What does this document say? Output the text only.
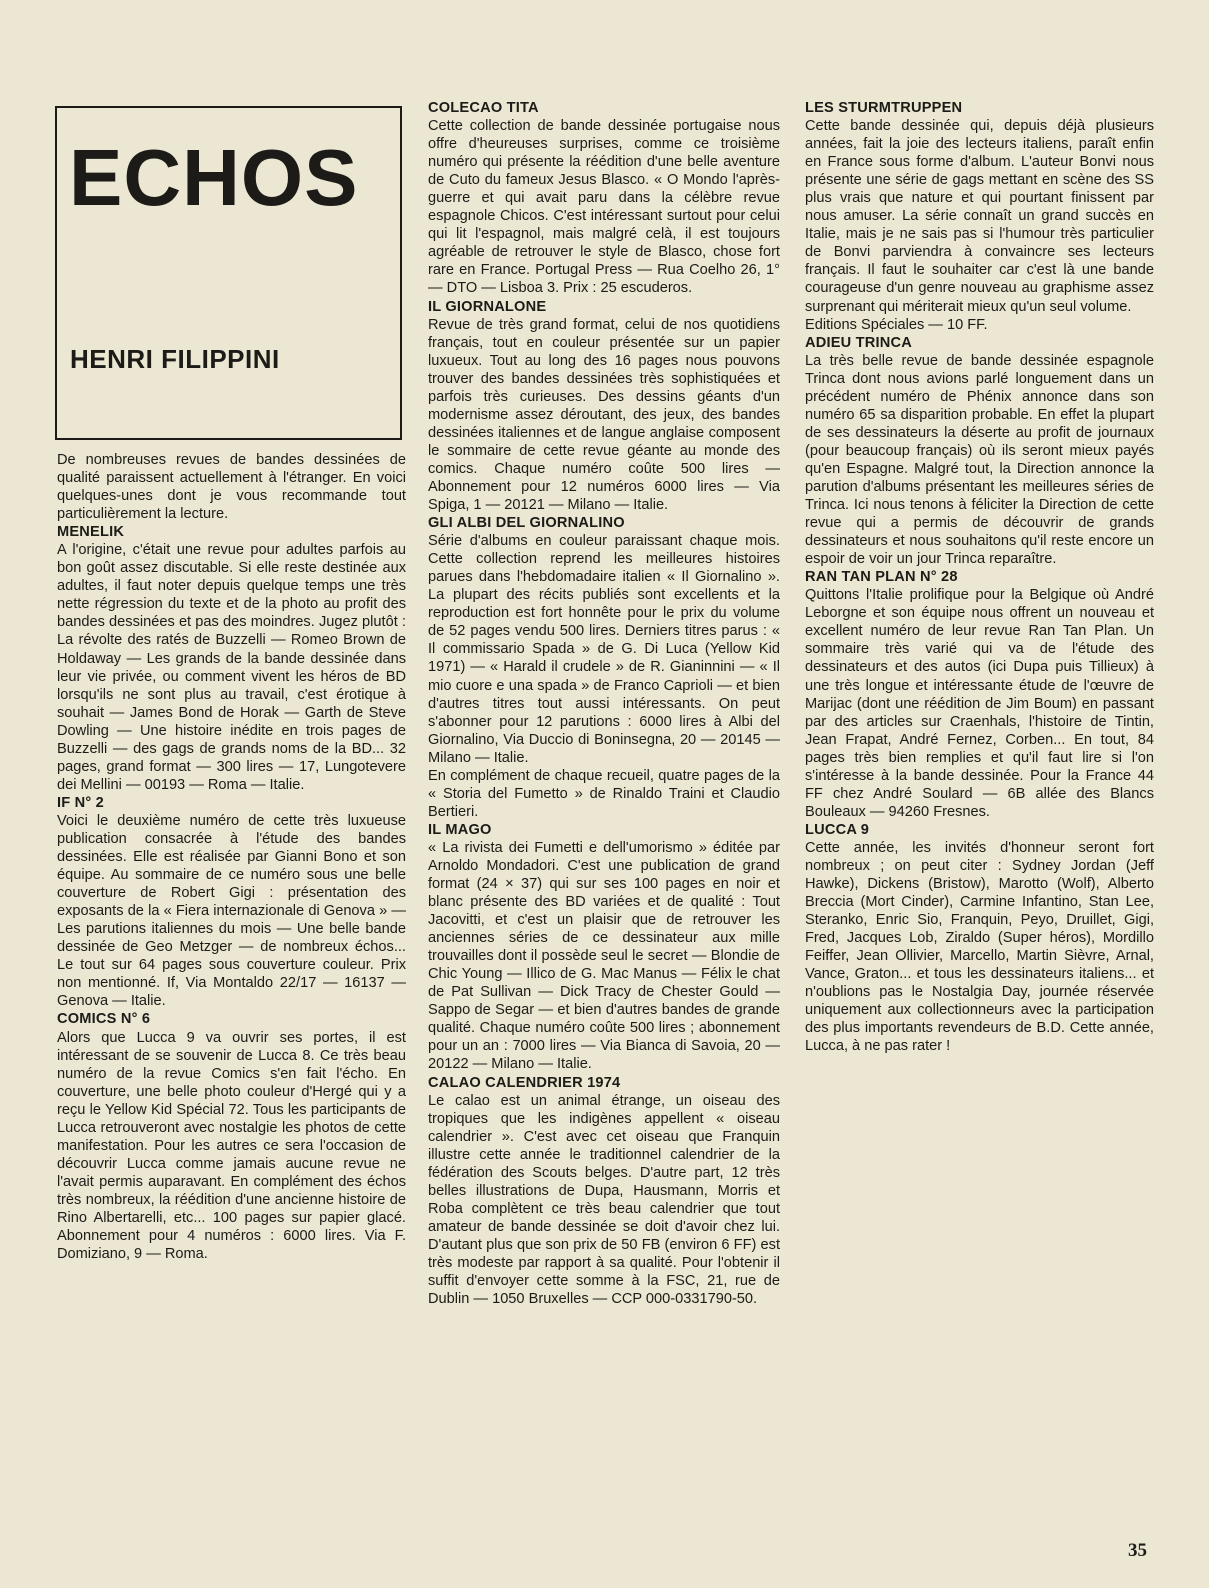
ECHOS
HENRI FILIPPINI

De nombreuses revues de bandes dessinées de qualité paraissent actuellement à l'étranger. En voici quelques-unes dont je vous recommande tout particulièrement la lecture.

MENELIK

A l'origine, c'était une revue pour adultes parfois au bon goût assez discutable. Si elle reste destinée aux adultes, il faut noter depuis quelque temps une très nette régression du texte et de la photo au profit des bandes dessinées et pas des moindres. Jugez plutôt : La révolte des ratés de Buzzelli — Romeo Brown de Holdaway — Les grands de la bande dessinée dans leur vie privée, ou comment vivent les héros de BD lorsqu'ils ne sont plus au travail, c'est érotique à souhait — James Bond de Horak — Garth de Steve Dowling — Une histoire inédite en trois pages de Buzzelli — des gags de grands noms de la BD... 32 pages, grand format — 300 lires — 17, Lungotevere dei Mellini — 00193 — Roma — Italie.

IF N° 2

Voici le deuxième numéro de cette très luxueuse publication consacrée à l'étude des bandes dessinées. Elle est réalisée par Gianni Bono et son équipe. Au sommaire de ce numéro sous une belle couverture de Robert Gigi : présentation des exposants de la « Fiera internazionale di Genova » — Les parutions italiennes du mois — Une belle bande dessinée de Geo Metzger — de nombreux échos... Le tout sur 64 pages sous couverture couleur. Prix non mentionné. If, Via Montaldo 22/17 — 16137 — Genova — Italie.

COMICS N° 6

Alors que Lucca 9 va ouvrir ses portes, il est intéressant de se souvenir de Lucca 8. Ce très beau numéro de la revue Comics s'en fait l'écho. En couverture, une belle photo couleur d'Hergé qui y a reçu le Yellow Kid Spécial 72. Tous les participants de Lucca retrouveront avec nostalgie les photos de cette manifestation. Pour les autres ce sera l'occasion de découvrir Lucca comme jamais aucune revue ne l'avait permis auparavant. En complément des échos très nombreux, la réédition d'une ancienne histoire de Rino Albertarelli, etc... 100 pages sur papier glacé. Abonnement pour 4 numéros : 6000 lires. Via F. Domiziano, 9 — Roma.

COLECAO TITA

Cette collection de bande dessinée portugaise nous offre d'heureuses surprises, comme ce troisième numéro qui présente la réédition d'une belle aventure de Cuto du fameux Jesus Blasco. « O Mondo l'après-guerre et qui avait paru dans la célèbre revue espagnole Chicos. C'est intéressant surtout pour celui qui lit l'espagnol, mais malgré celà, il est toujours agréable de retrouver le style de Blasco, chose fort rare en France. Portugal Press — Rua Coelho 26, 1° — DTO — Lisboa 3. Prix : 25 escuderos.

IL GIORNALONE

Revue de très grand format, celui de nos quotidiens français, tout en couleur présentée sur un papier luxueux. Tout au long des 16 pages nous pouvons trouver des bandes dessinées très sophistiquées et parfois très curieuses. Des dessins géants d'un modernisme assez déroutant, des jeux, des bandes dessinées italiennes et de langue anglaise composent le sommaire de cette revue géante au monde des comics. Chaque numéro coûte 500 lires — Abonnement pour 12 numéros 6000 lires — Via Spiga, 1 — 20121 — Milano — Italie.

GLI ALBI DEL GIORNALINO

Série d'albums en couleur paraissant chaque mois. Cette collection reprend les meilleures histoires parues dans l'hebdomadaire italien « Il Giornalino ». La plupart des récits publiés sont excellents et la reproduction est fort honnête pour le prix du volume de 52 pages vendu 500 lires. Derniers titres parus : « Il commissario Spada » de G. Di Luca (Yellow Kid 1971) — « Harald il crudele » de R. Gianinnini — « Il mio cuore e una spada » de Franco Caprioli — et bien d'autres titres tout aussi intéressants. On peut s'abonner pour 12 parutions : 6000 lires à Albi del Giornalino, Via Duccio di Boninsegna, 20 — 20145 — Milano — Italie.

En complément de chaque recueil, quatre pages de la « Storia del Fumetto » de Rinaldo Traini et Claudio Bertieri.

IL MAGO

« La rivista dei Fumetti e dell'umorismo » éditée par Arnoldo Mondadori. C'est une publication de grand format (24 × 37) qui sur ses 100 pages en noir et blanc présente des BD variées et de qualité : Tout Jacovitti, et c'est un plaisir que de retrouver les anciennes séries de ce dessinateur aux mille trouvailles dont il possède seul le secret — Blondie de Chic Young — Illico de G. Mac Manus — Félix le chat de Pat Sullivan — Dick Tracy de Chester Gould — Sappo de Segar — et bien d'autres bandes de grande qualité. Chaque numéro coûte 500 lires ; abonnement pour un an : 7000 lires — Via Bianca di Savoia, 20 — 20122 — Milano — Italie.

CALAO CALENDRIER 1974

Le calao est un animal étrange, un oiseau des tropiques que les indigènes appellent « oiseau calendrier ». C'est avec cet oiseau que Franquin illustre cette année le traditionnel calendrier de la fédération des Scouts belges. D'autre part, 12 très belles illustrations de Dupa, Hausmann, Morris et Roba complètent ce très beau calendrier que tout amateur de bande dessinée se doit d'avoir chez lui. D'autant plus que son prix de 50 FB (environ 6 FF) est très modeste par rapport à sa qualité. Pour l'obtenir il suffit d'envoyer cette somme à la FSC, 21, rue de Dublin — 1050 Bruxelles — CCP 000-0331790-50.

LES STURMTRUPPEN

Cette bande dessinée qui, depuis déjà plusieurs années, fait la joie des lecteurs italiens, paraît enfin en France sous forme d'album. L'auteur Bonvi nous présente une série de gags mettant en scène des SS plus vrais que nature et qui pourtant finissent par nous amuser. La série connaît un grand succès en Italie, mais je ne sais pas si l'humour très particulier de Bonvi parviendra à convaincre ses lecteurs français. Il faut le souhaiter car c'est là une bande courageuse d'un genre nouveau au graphisme assez surprenant qui mériterait mieux qu'un seul volume.

Editions Spéciales — 10 FF.

ADIEU TRINCA

La très belle revue de bande dessinée espagnole Trinca dont nous avions parlé longuement dans un précédent numéro de Phénix annonce dans son numéro 65 sa disparition probable. En effet la plupart de ses dessinateurs la déserte au profit de journaux (pour beaucoup français) où ils seront mieux payés qu'en Espagne. Malgré tout, la Direction annonce la parution d'albums présentant les meilleures séries de Trinca. Ici nous tenons à féliciter la Direction de cette revue qui a permis de découvrir de grands dessinateurs et nous souhaitons qu'il reste encore un espoir de voir un jour Trinca reparaître.

RAN TAN PLAN N° 28

Quittons l'Italie prolifique pour la Belgique où André Leborgne et son équipe nous offrent un nouveau et excellent numéro de leur revue Ran Tan Plan. Un sommaire très varié qui va de l'étude des dessinateurs et des autos (ici Dupa puis Tillieux) à une très longue et intéressante étude de l'œuvre de Marijac (dont une réédition de Jim Boum) en passant par des articles sur Craenhals, l'histoire de Tintin, Jean Frapat, André Fernez, Corben... En tout, 84 pages très bien remplies et qu'il faut lire si l'on s'intéresse à la bande dessinée. Pour la France 44 FF chez André Soulard — 6B allée des Blancs Bouleaux — 94260 Fresnes.

LUCCA 9

Cette année, les invités d'honneur seront fort nombreux ; on peut citer : Sydney Jordan (Jeff Hawke), Dickens (Bristow), Marotto (Wolf), Alberto Breccia (Mort Cinder), Carmine Infantino, Stan Lee, Steranko, Enric Sio, Franquin, Peyo, Druillet, Gigi, Fred, Jacques Lob, Ziraldo (Super héros), Mordillo Feiffer, Jean Ollivier, Marcello, Martin Sièvre, Arnal, Vance, Graton... et tous les dessinateurs italiens... et n'oublions pas le Nostalgia Day, journée réservée uniquement aux collectionneurs avec la participation des plus importants revendeurs de B.D. Cette année, Lucca, à ne pas rater !

35
